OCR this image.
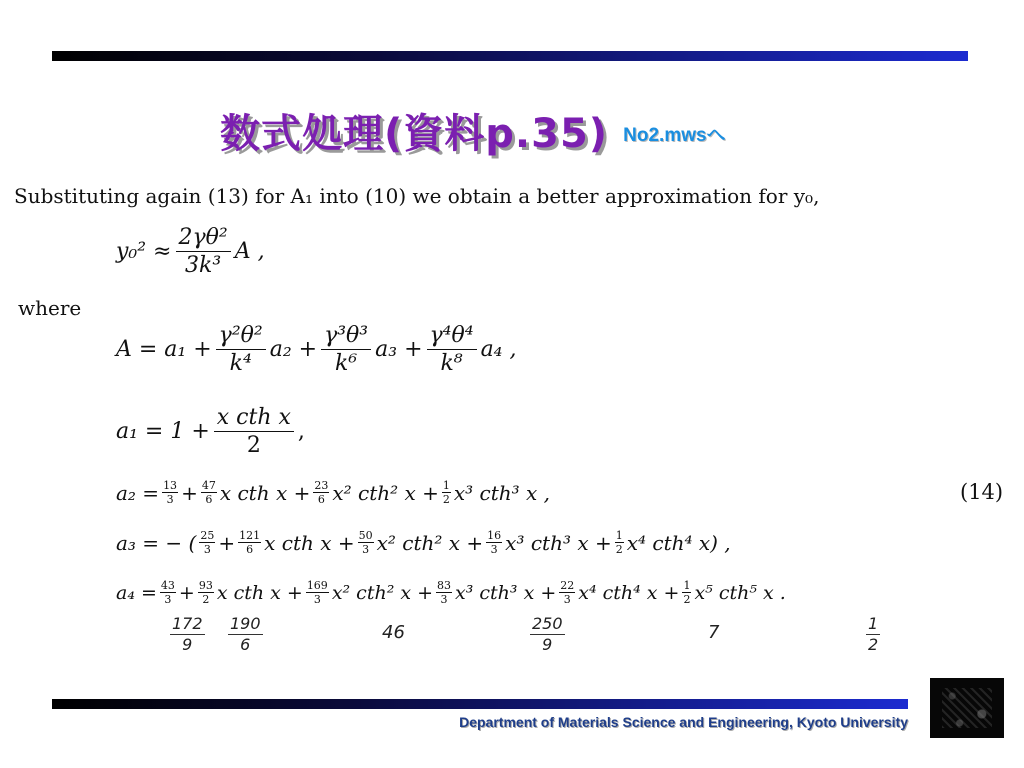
数式処理(資料p.35) No2.mwsへ
Substituting again (13) for A₁ into (10) we obtain a better approximation for y₀,
$y_0^2 \approx \frac{\text{2γθ²}}{\text{3k³}}$ A ,
where
$A = a_1 + \frac{\text{γ²θ²}}{\text{k⁴}} a_2 + \frac{\text{γ³θ³}}{\text{k⁶}} a_3 + \frac{\text{γ⁴θ⁴}}{\text{k⁸}} a_4$ ,
$a_1 = 1 + \frac{\text{x cth x}}{2}$ ,
$a_2 = \frac{13}{3} + \frac{47}{6}$ x cth $x + \frac{23}{6} x^2$ cth² $x + \frac{1}{2} x^3$ cth³ x ,	(14)
a₃ = − ( $\frac{25}{3} + \frac{121}{6}$ x cth $x + \frac{50}{3} x^2$ cth² $x + \frac{16}{3} x^3$ cth³ $x + \frac{1}{2} x^4$ cth⁴ x) ,
$a_4 = \frac{43}{3} + \frac{93}{2}$ x cth $x + \frac{169}{3} x^2$ cth² $x + \frac{83}{3} x^3$ cth³ $x + \frac{22}{3} x^4$ cth⁴ $x + \frac{1}{2} x^5$ cth⁵ x .
$\frac{172}{9} \frac{190}{6}$	46	$\frac{250}{9}$	7	$\frac{1}{2}$
Department of Materials Science and Engineering, Kyoto University
